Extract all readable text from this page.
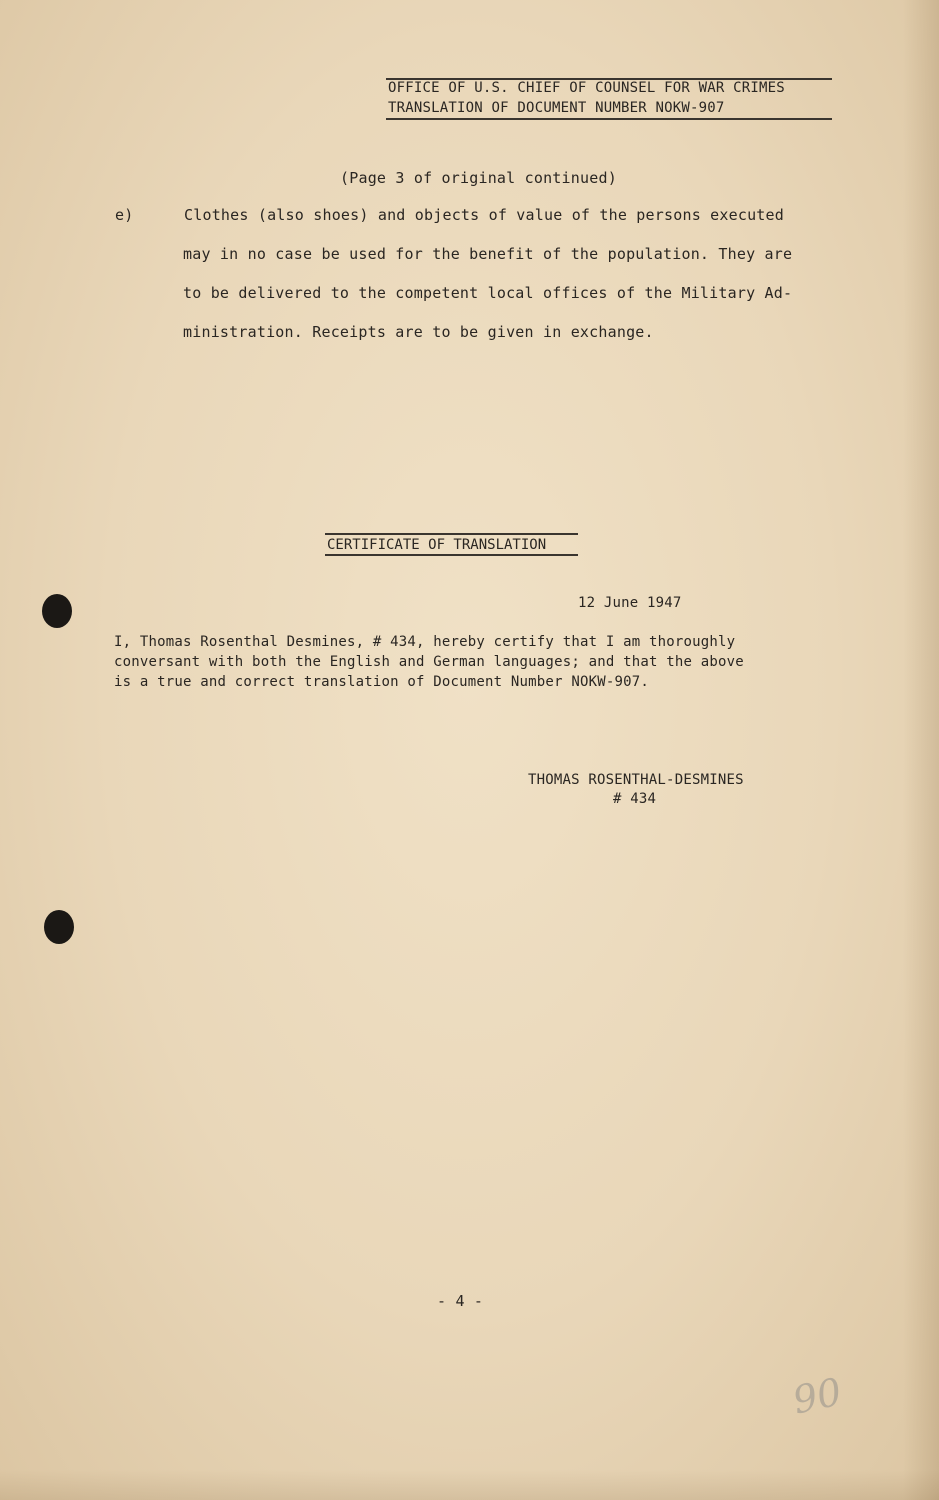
OFFICE OF U.S. CHIEF OF COUNSEL FOR WAR CRIMES
TRANSLATION OF DOCUMENT NUMBER NOKW-907
(Page 3 of original continued)
e)	Clothes (also shoes) and objects of value of the persons executed
may in no case be used for the benefit of the population. They are
to be delivered to the competent local offices of the Military Ad-
ministration. Receipts are to be given in exchange.
CERTIFICATE OF TRANSLATION
12 June 1947
I, Thomas Rosenthal Desmines, # 434, hereby certify that I am thoroughly
conversant with both the English and German languages; and that the above
is a true and correct translation of Document Number NOKW-907.
THOMAS ROSENTHAL-DESMINES
# 434
- 4 -
90
